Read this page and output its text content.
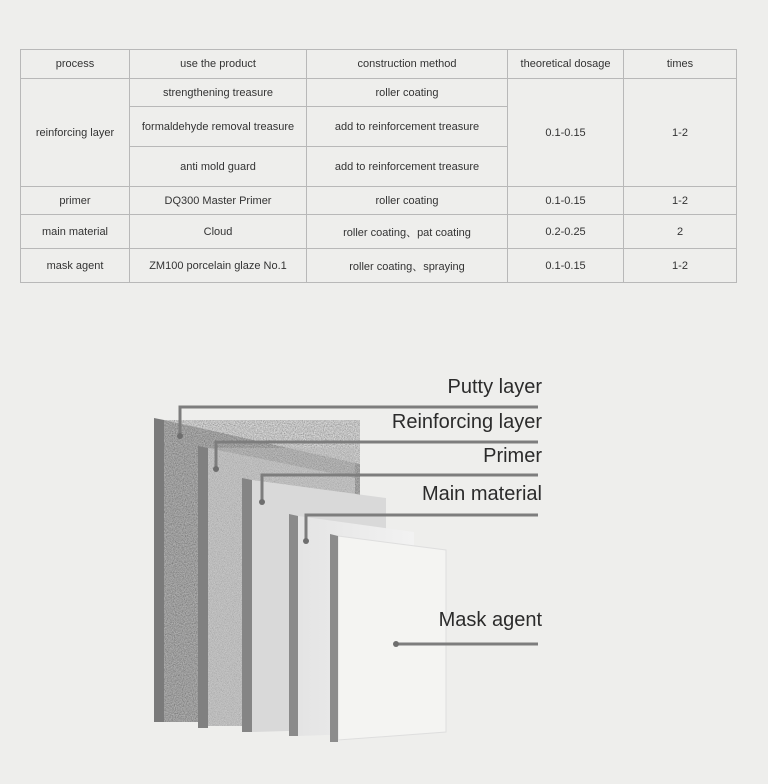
process	use the product	construction method	theoretical dosage	times
reinforcing layer	strengthening treasure	roller coating	0.1-0.15	1-2
	formaldehyde removal treasure	add to reinforcement treasure		
	anti mold guard	add to reinforcement treasure		
primer	DQ300 Master Primer	roller coating	0.1-0.15	1-2
main material	Cloud	roller coating、pat coating	0.2-0.25	2
mask agent	ZM100 porcelain glaze No.1	roller coating、spraying	0.1-0.15	1-2
Putty layer
Reinforcing layer
Primer
Main material
Mask agent
